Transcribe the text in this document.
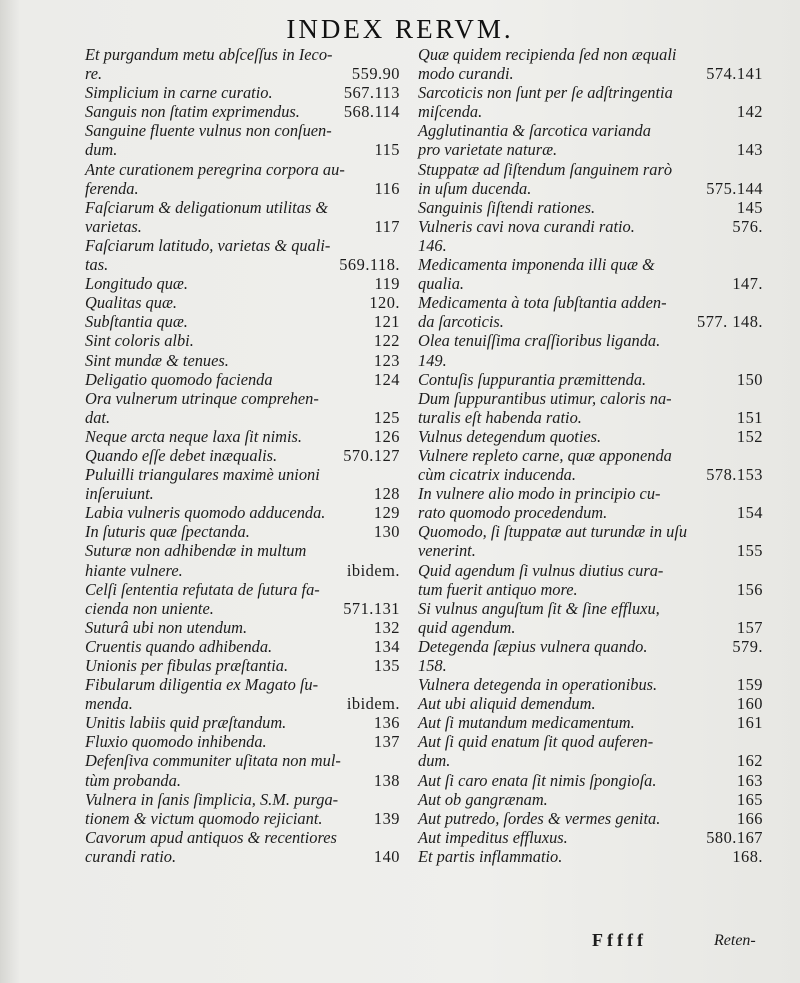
INDEX RERVM.
Et purgandum metu abſceſſus in Ieco-
re.	559.90
Simplicium in carne curatio.	567.113
Sanguis non ſtatim exprimendus.	568.114
Sanguine fluente vulnus non conſuen-
dum.	115
Ante curationem peregrina corpora au-
ferenda.	116
Faſciarum & deligationum utilitas &
varietas.	117
Faſciarum latitudo, varietas & quali-
tas.	569.118.
Longitudo quæ.	119
Qualitas quæ.	120.
Subſtantia quæ.	121
Sint coloris albi.	122
Sint mundæ & tenues.	123
Deligatio quomodo facienda	124
Ora vulnerum utrinque comprehen-
dat.	125
Neque arcta neque laxa ſit nimis.	126
Quando eſſe debet inæqualis.	570.127
Puluilli triangulares maximè unioni
inſeruiunt.	128
Labia vulneris quomodo adducenda.	129
In ſuturis quæ ſpectanda.	130
Suturæ non adhibendæ in multum
hiante vulnere.	ibidem.
Celſi ſententia refutata de ſutura fa-
cienda non uniente.	571.131
Suturâ ubi non utendum.	132
Cruentis quando adhibenda.	134
Unionis per fibulas præſtantia.	135
Fibularum diligentia ex Magato ſu-
menda.	ibidem.
Unitis labiis quid præſtandum.	136
Fluxio quomodo inhibenda.	137
Defenſiva communiter uſitata non mul-
tùm probanda.	138
Vulnera in ſanis ſimplicia, S.M. purga-
tionem & victum quomodo rejiciant.	139
Cavorum apud antiquos & recentiores
curandi ratio.	140
Quæ quidem recipienda ſed non æquali
modo curandi.	574.141
Sarcoticis non ſunt per ſe adſtringentia
miſcenda.	142
Agglutinantia & ſarcotica varianda
pro varietate naturæ.	143
Stuppatæ ad ſiſtendum ſanguinem rarò
in uſum ducenda.	575.144
Sanguinis ſiſtendi rationes.	145
Vulneris cavi nova curandi ratio.	576.
146.
Medicamenta imponenda illi quæ &
qualia.	147.
Medicamenta à tota ſubſtantia adden-
da ſarcoticis.	577. 148.
Olea tenuiſſima craſſioribus liganda.
149.
Contuſis ſuppurantia præmittenda.	150
Dum ſuppurantibus utimur, caloris na-
turalis eſt habenda ratio.	151
Vulnus detegendum quoties.	152
Vulnere repleto carne, quæ apponenda
cùm cicatrix inducenda.	578.153
In vulnere alio modo in principio cu-
rato quomodo procedendum.	154
Quomodo, ſi ſtuppatæ aut turundæ in uſu
venerint.	155
Quid agendum ſi vulnus diutius cura-
tum fuerit antiquo more.	156
Si vulnus anguſtum ſit & ſine effluxu,
quid agendum.	157
Detegenda ſæpius vulnera quando.	579.
158.
Vulnera detegenda in operationibus.	159
Aut ubi aliquid demendum.	160
Aut ſi mutandum medicamentum.	161
Aut ſi quid enatum ſit quod auferen-
dum.	162
Aut ſi caro enata ſit nimis ſpongioſa.	163
Aut ob gangrænam.	165
Aut putredo, ſordes & vermes genita.	166
Aut impeditus effluxus.	580.167
Et partis inflammatio.	168.
Fffff	Reten-
